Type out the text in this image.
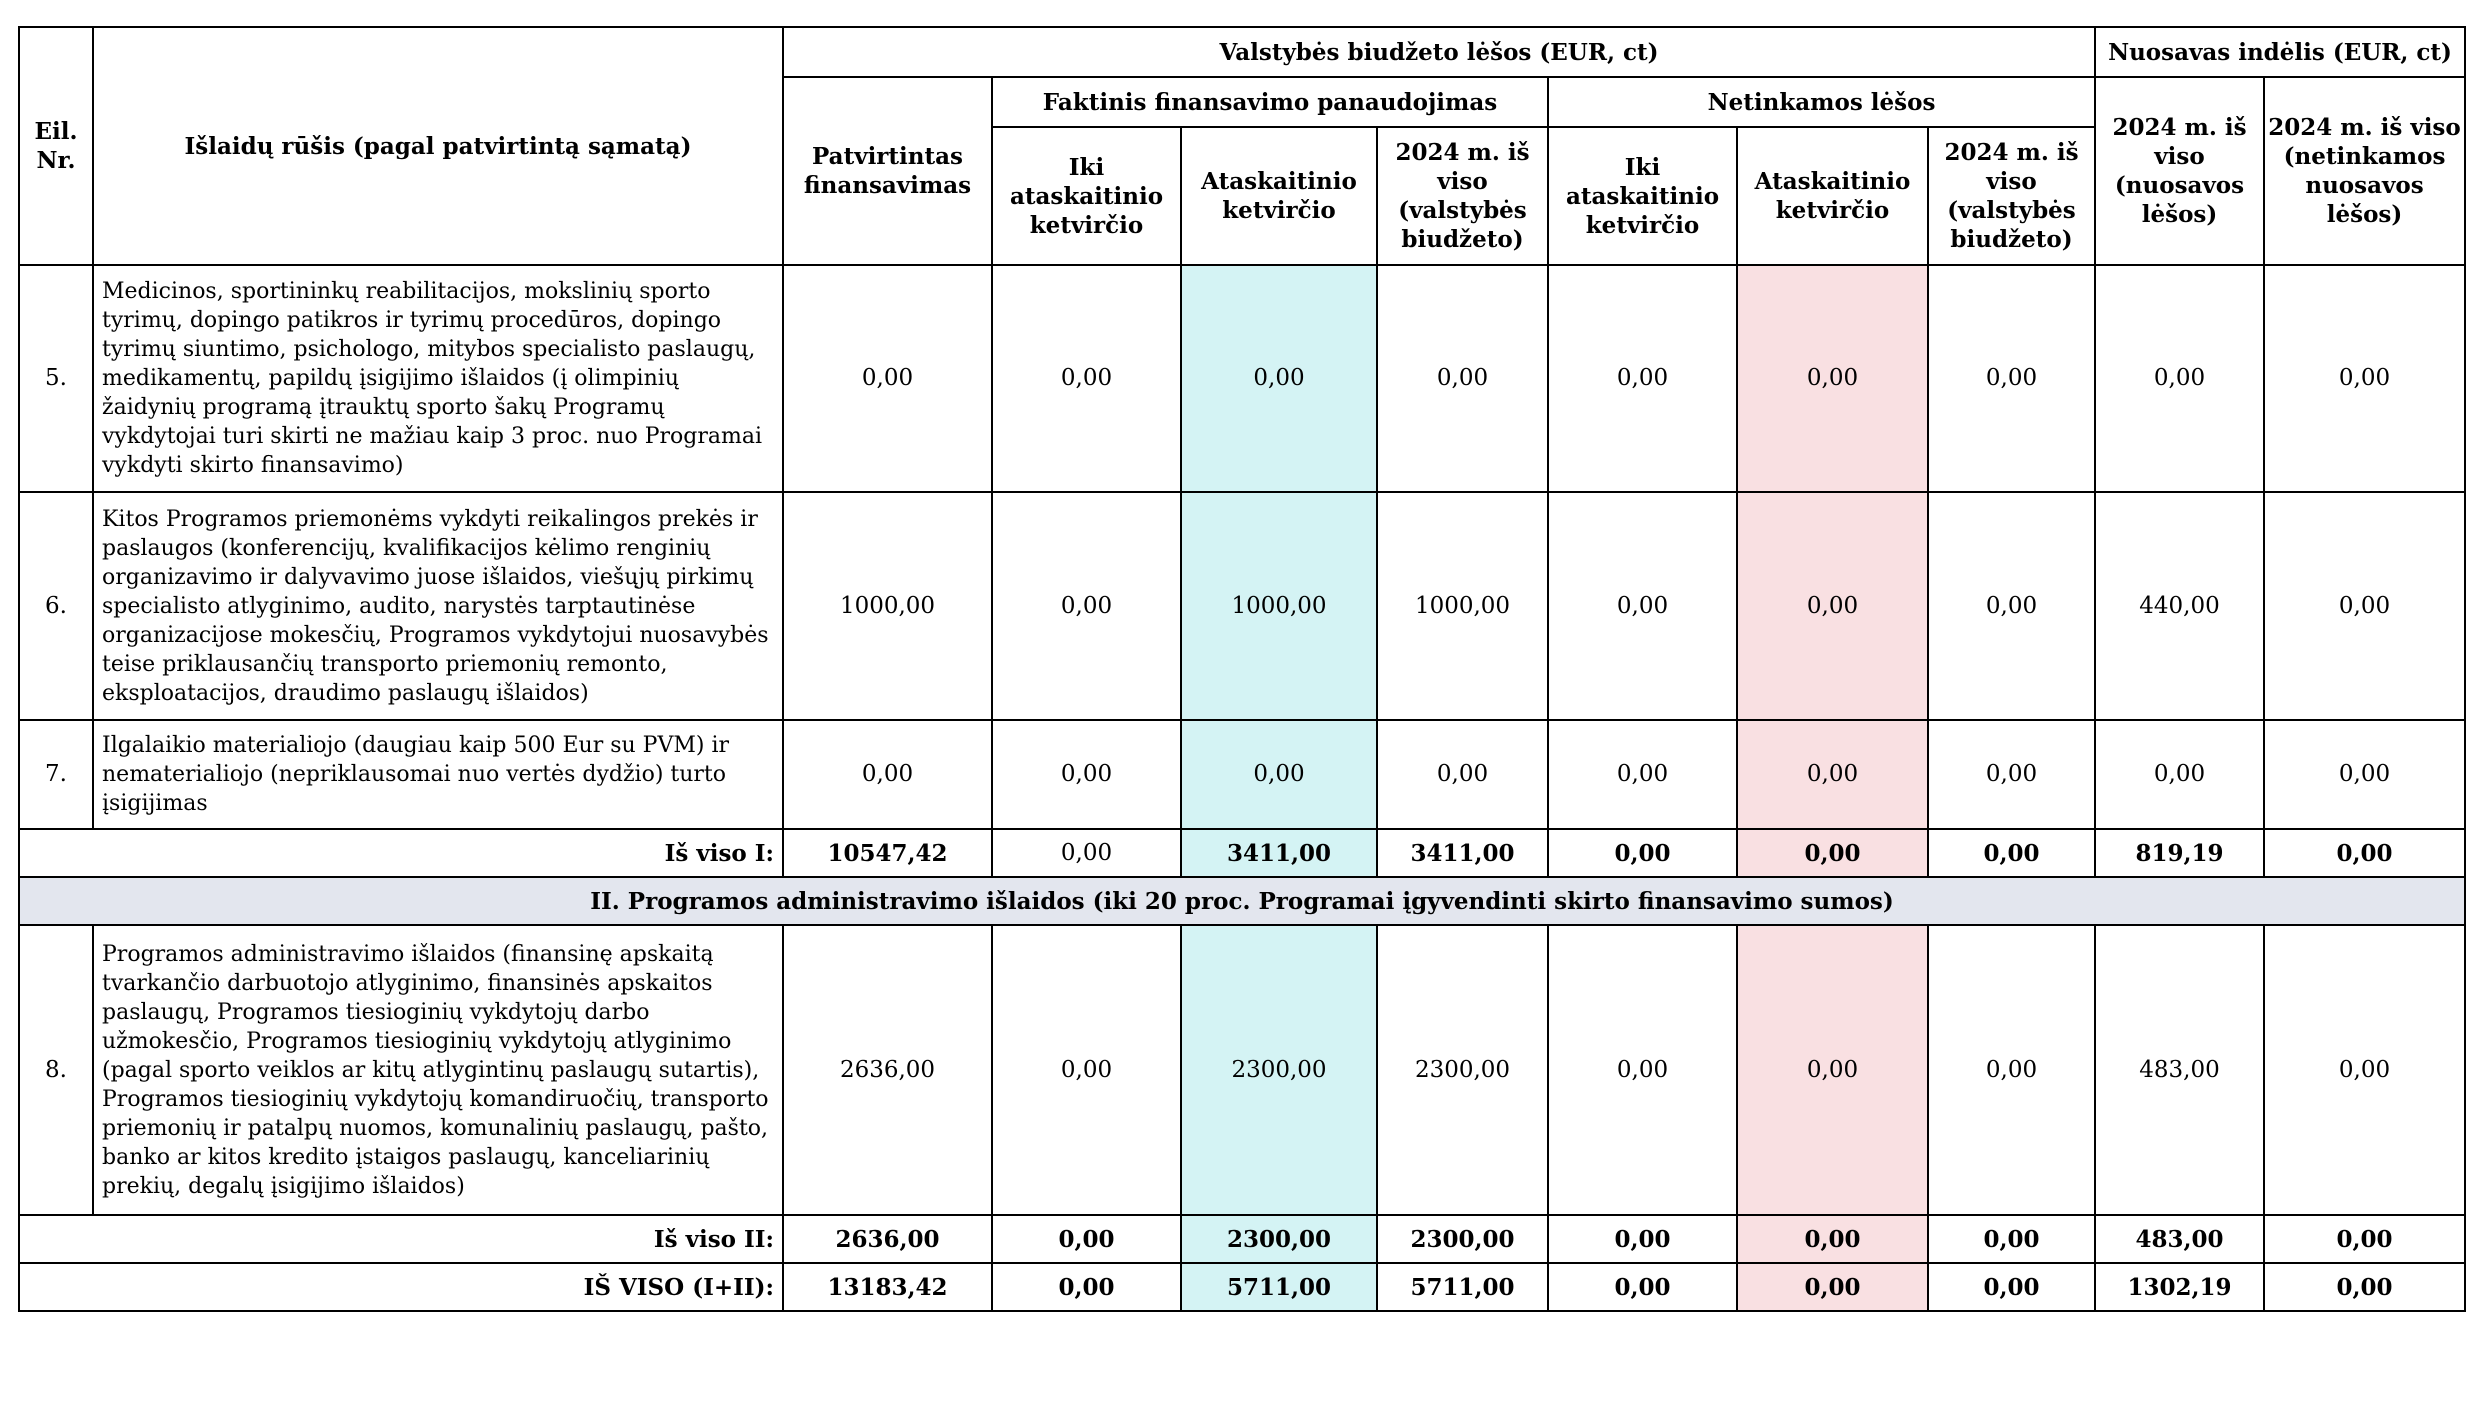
Eil. Nr.	Išlaidų rūšis (pagal patvirtintą sąmatą)	Valstybės biudžeto lėšos (EUR, ct)							Nuosavas indėlis (EUR, ct)	
		Patvirtintas finansavimas	Faktinis finansavimo panaudojimas			Netinkamos lėšos			2024 m. iš viso (nuosavos lėšos)	2024 m. iš viso (netinkamos nuosavos lėšos)
			Iki ataskaitinio ketvirčio	Ataskaitinio ketvirčio	2024 m. iš viso (valstybės biudžeto)	Iki ataskaitinio ketvirčio	Ataskaitinio ketvirčio	2024 m. iš viso (valstybės biudžeto)		
5.	Medicinos, sportininkų reabilitacijos, mokslinių sporto tyrimų, dopingo patikros ir tyrimų procedūros, dopingo tyrimų siuntimo, psichologo, mitybos specialisto paslaugų, medikamentų, papildų įsigijimo išlaidos (į olimpinių žaidynių programą įtrauktų sporto šakų Programų vykdytojai turi skirti ne mažiau kaip 3 proc. nuo Programai vykdyti skirto finansavimo)	0,00	0,00	0,00	0,00	0,00	0,00	0,00	0,00	0,00
6.	Kitos Programos priemonėms vykdyti reikalingos prekės ir paslaugos (konferencijų, kvalifikacijos kėlimo renginių organizavimo ir dalyvavimo juose išlaidos, viešųjų pirkimų specialisto atlyginimo, audito, narystės tarptautinėse organizacijose mokesčių, Programos vykdytojui nuosavybės teise priklausančių transporto priemonių remonto, eksploatacijos, draudimo paslaugų išlaidos)	1000,00	0,00	1000,00	1000,00	0,00	0,00	0,00	440,00	0,00
7.	Ilgalaikio materialiojo (daugiau kaip 500 Eur su PVM) ir nematerialiojo (nepriklausomai nuo vertės dydžio) turto įsigijimas	0,00	0,00	0,00	0,00	0,00	0,00	0,00	0,00	0,00
Iš viso I:		10547,42	0,00	3411,00	3411,00	0,00	0,00	0,00	819,19	0,00
II. Programos administravimo išlaidos (iki 20 proc. Programai įgyvendinti skirto finansavimo sumos)										
8.	Programos administravimo išlaidos (finansinę apskaitą tvarkančio darbuotojo atlyginimo, finansinės apskaitos paslaugų, Programos tiesioginių vykdytojų darbo užmokesčio, Programos tiesioginių vykdytojų atlyginimo (pagal sporto veiklos ar kitų atlygintinų paslaugų sutartis), Programos tiesioginių vykdytojų komandiruočių, transporto priemonių ir patalpų nuomos, komunalinių paslaugų, pašto, banko ar kitos kredito įstaigos paslaugų, kanceliarinių prekių, degalų įsigijimo išlaidos)	2636,00	0,00	2300,00	2300,00	0,00	0,00	0,00	483,00	0,00
Iš viso II:		2636,00	0,00	2300,00	2300,00	0,00	0,00	0,00	483,00	0,00
IŠ VISO (I+II):		13183,42	0,00	5711,00	5711,00	0,00	0,00	0,00	1302,19	0,00
